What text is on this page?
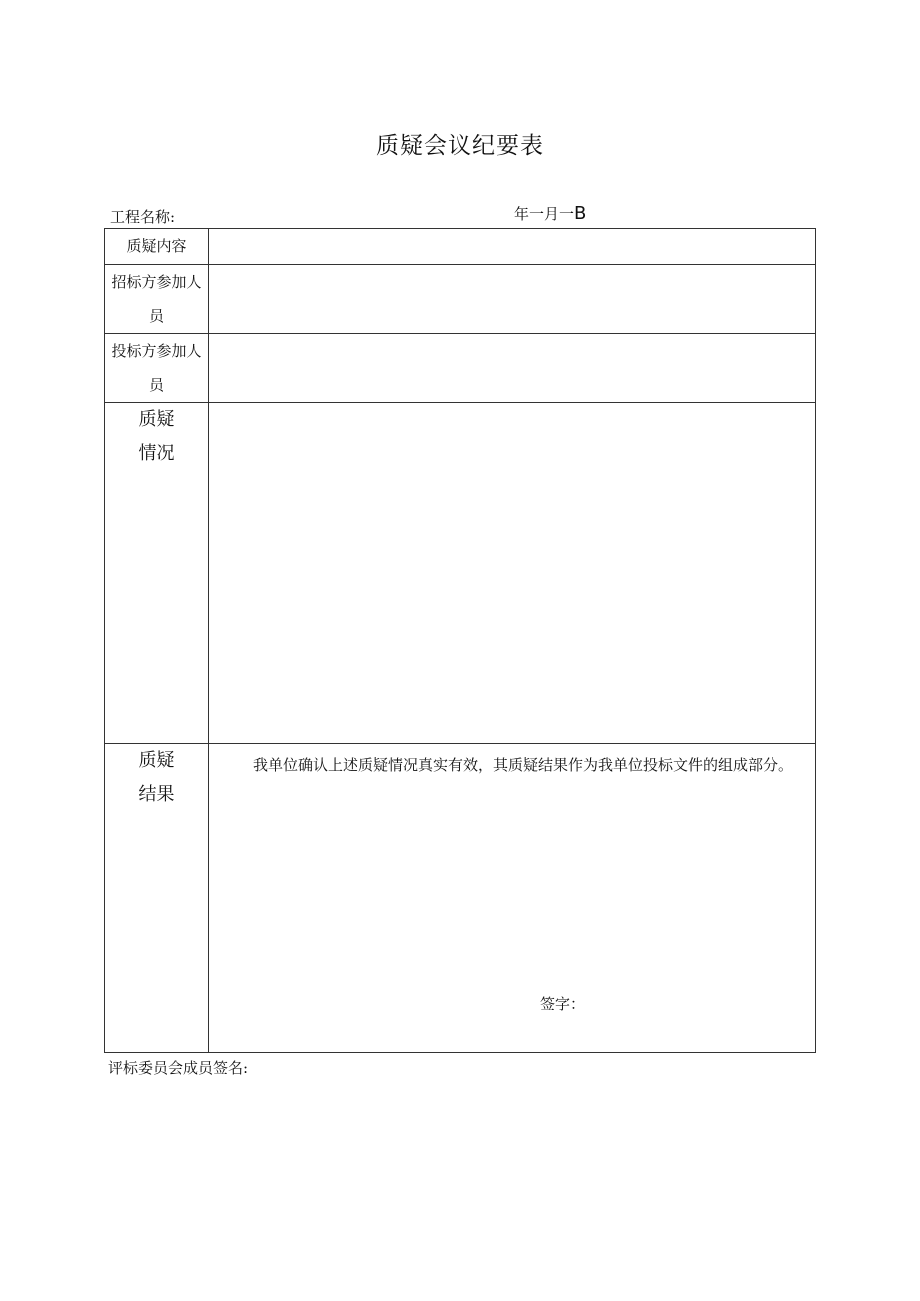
质疑会议纪要表
工程名称:	年一月一B
质疑内容	

招标方参加人
员	

投标方参加人
员	

质疑
情况	

质疑
结果	我单位确认上述质疑情况真实有效，其质疑结果作为我单位投标文件的组成部分。
签字：
评标委员会成员签名:
